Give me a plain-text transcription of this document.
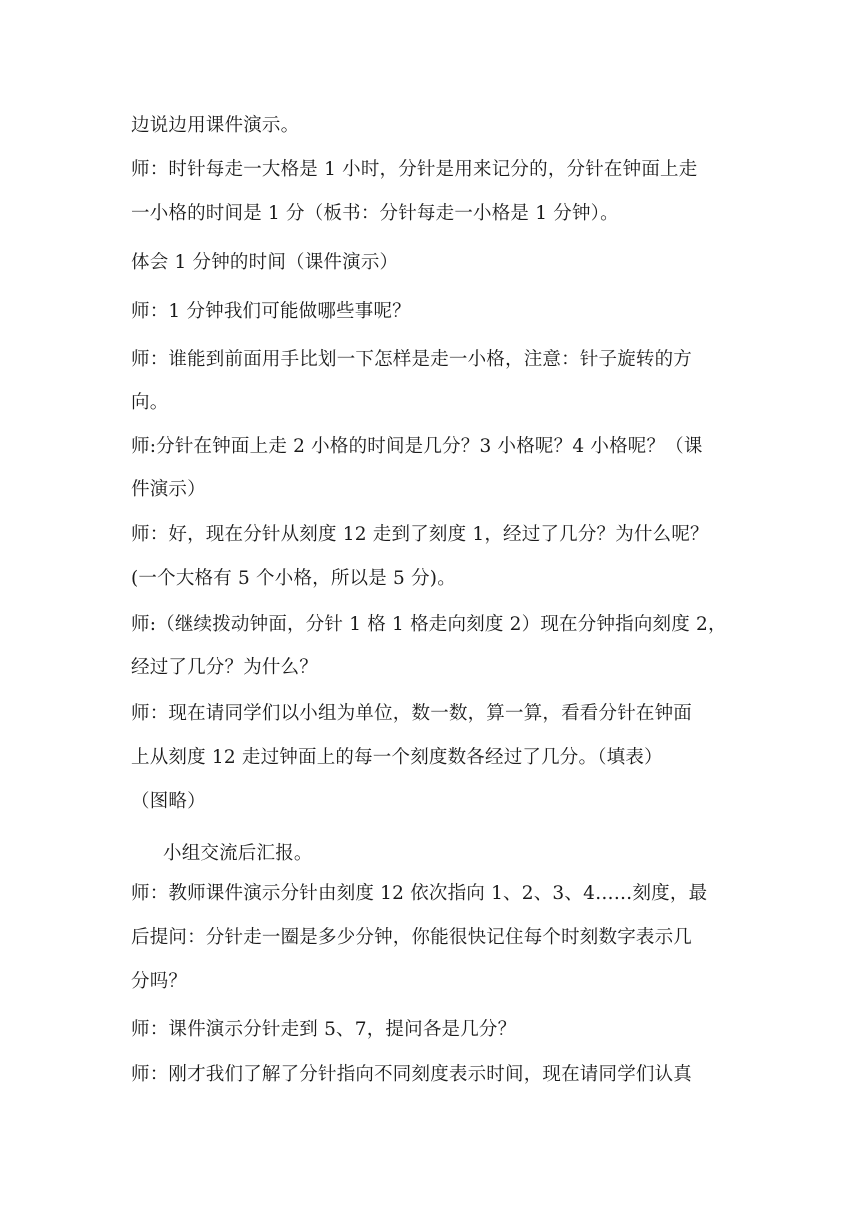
边说边用课件演示。

师：时针每走一大格是 1 小时，分针是用来记分的，分针在钟面上走

一小格的时间是 1 分（板书：分针每走一小格是 1 分钟）。

体会 1 分钟的时间（课件演示）

师：1 分钟我们可能做哪些事呢？

师：谁能到前面用手比划一下怎样是走一小格，注意：针子旋转的方

向。

师:分针在钟面上走 2 小格的时间是几分？3 小格呢？4 小格呢？（课

件演示）

师：好，现在分针从刻度 12 走到了刻度 1，经过了几分？为什么呢？

(一个大格有 5 个小格，所以是 5 分)。

师:（继续拨动钟面，分针 1 格 1 格走向刻度 2）现在分钟指向刻度 2，

经过了几分？为什么？

师：现在请同学们以小组为单位，数一数，算一算，看看分针在钟面

上从刻度 12 走过钟面上的每一个刻度数各经过了几分。（填表）

（图略）

小组交流后汇报。

师：教师课件演示分针由刻度 12 依次指向 1、2、3、4……刻度，最

后提问：分针走一圈是多少分钟，你能很快记住每个时刻数字表示几

分吗？

师：课件演示分针走到 5、7，提问各是几分？

师：刚才我们了解了分针指向不同刻度表示时间，现在请同学们认真
